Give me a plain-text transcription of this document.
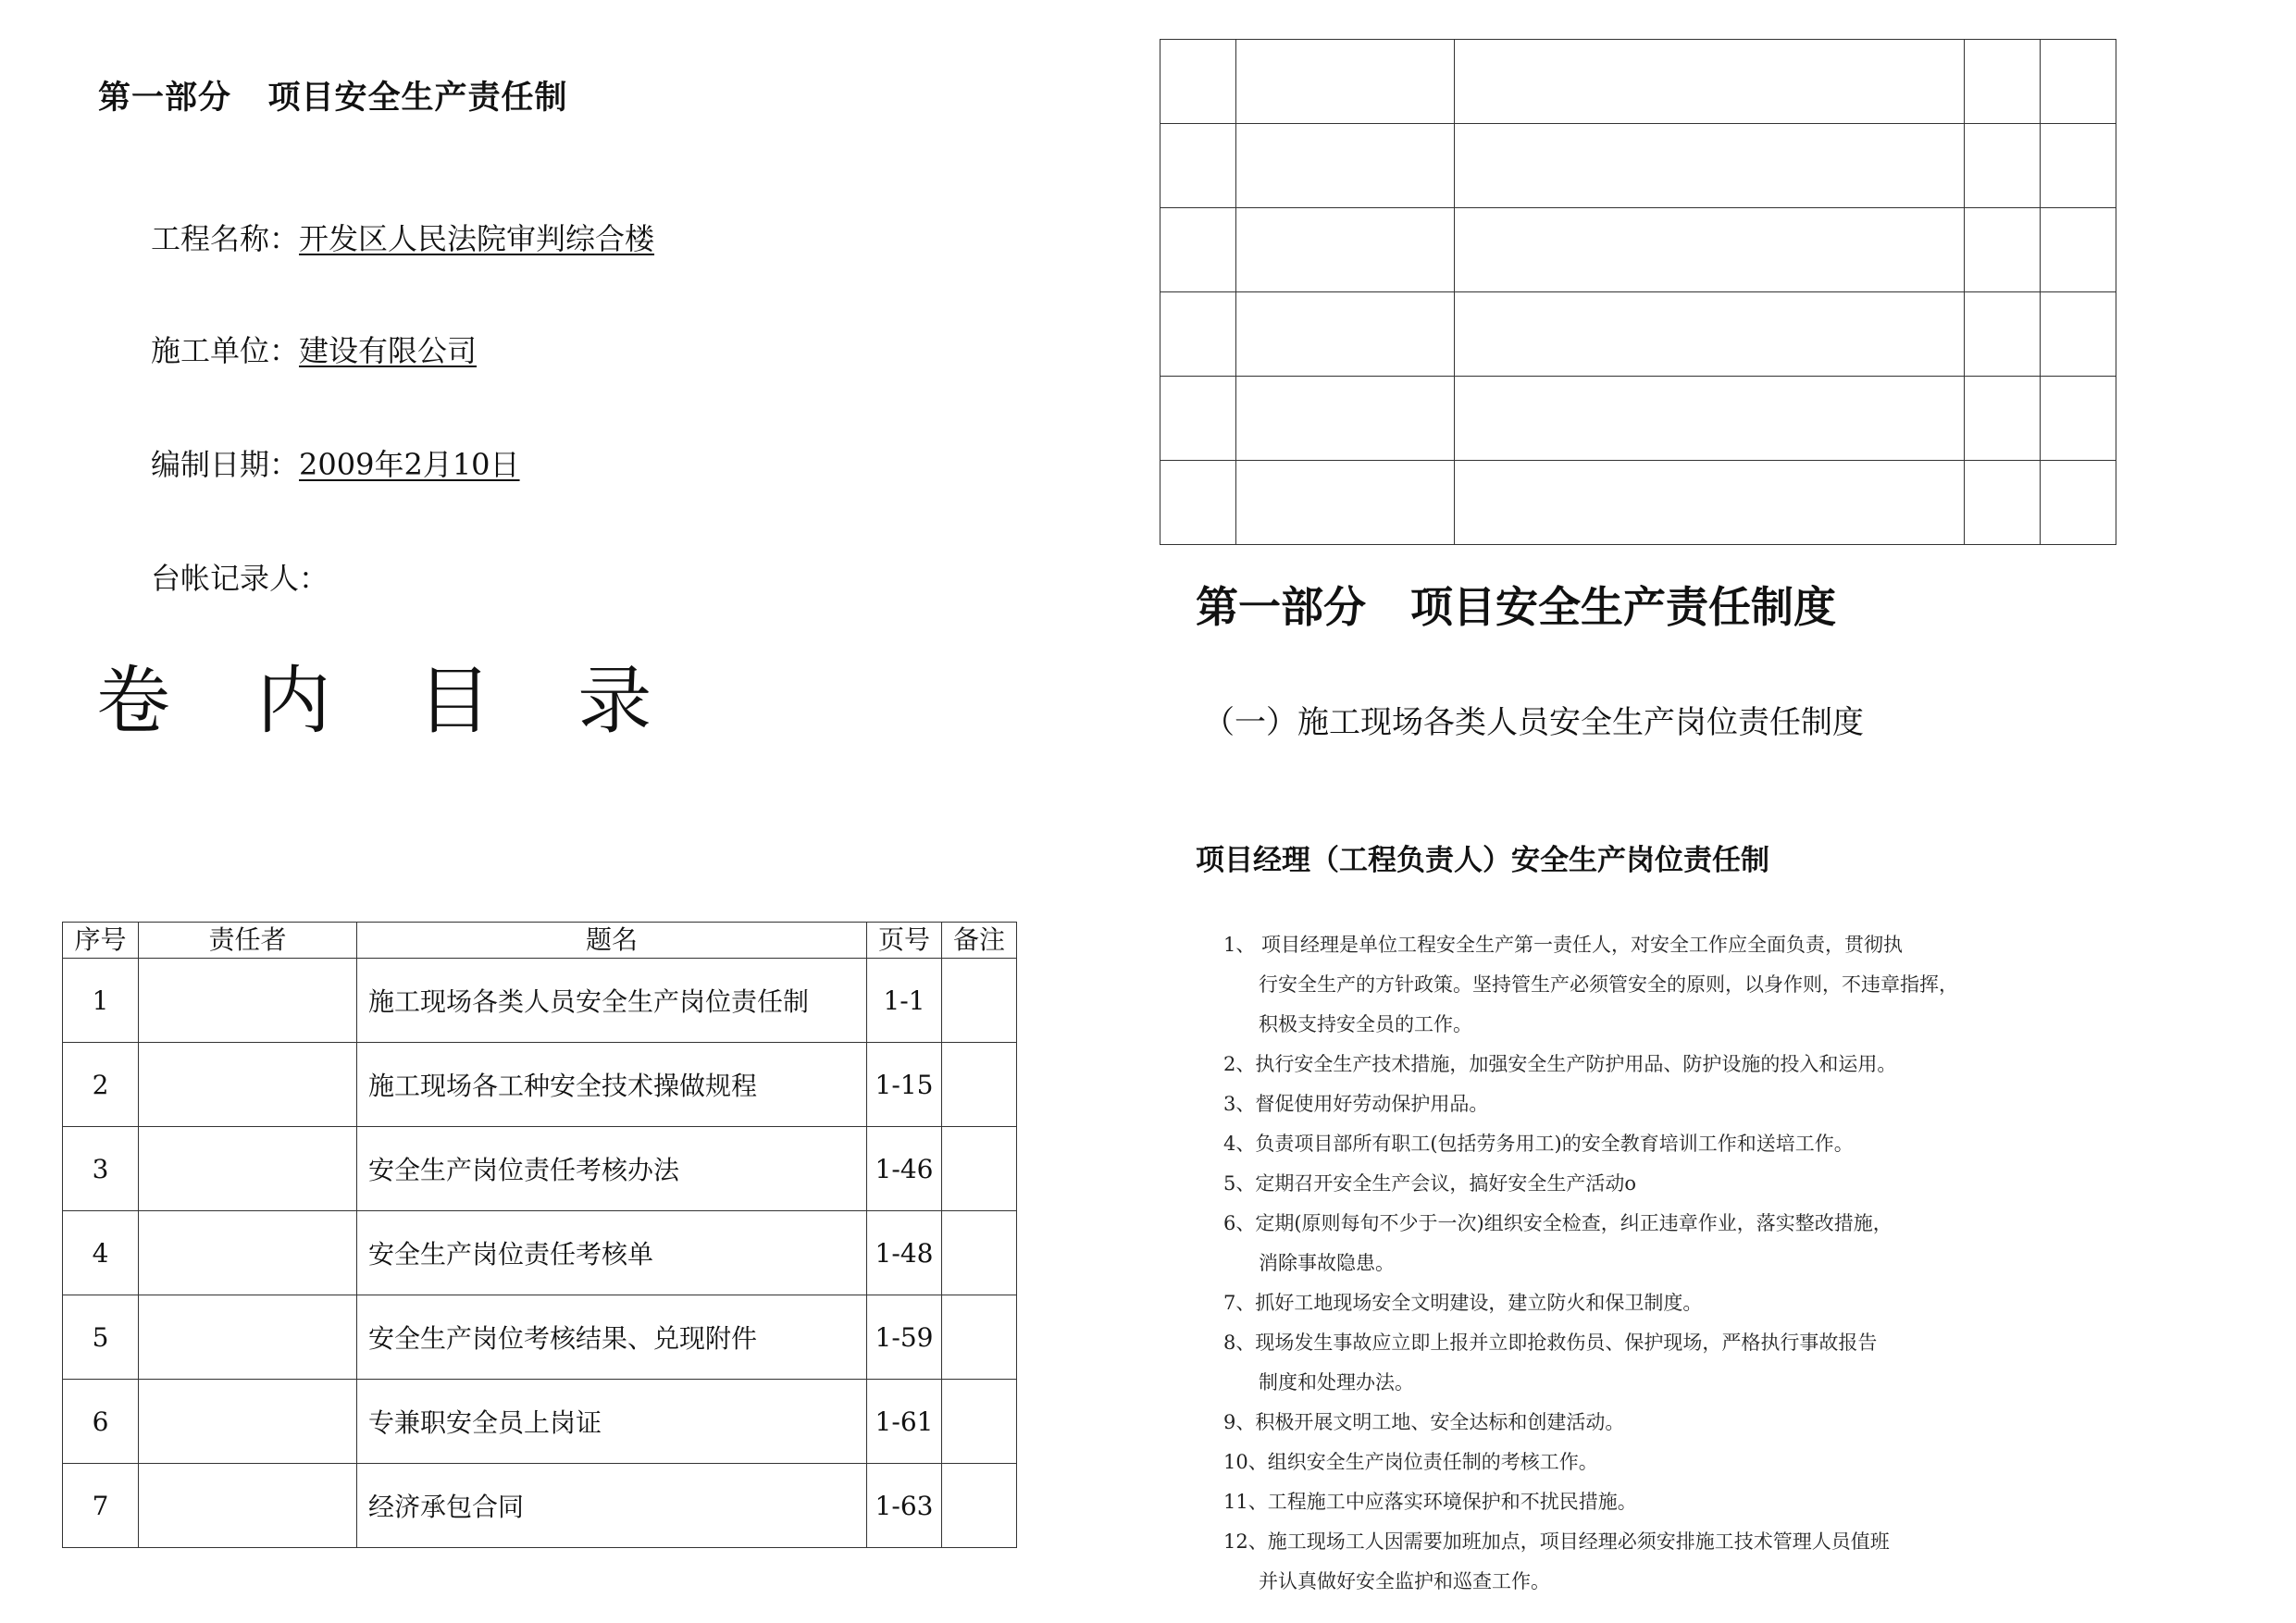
第一部分   项目安全生产责任制
工程名称：开发区人民法院审判综合楼
施工单位：建设有限公司
编制日期：2009年2月10日
台帐记录人：
卷 内 目 录
序号	责任者	题名	页号	备注
1		施工现场各类人员安全生产岗位责任制	1-1	
2		施工现场各工种安全技术操做规程	1-15	
3		安全生产岗位责任考核办法	1-46	
4		安全生产岗位责任考核单	1-48	
5		安全生产岗位考核结果、兑现附件	1-59	
6		专兼职安全员上岗证	1-61	
7		经济承包合同	1-63	

第一部分   项目安全生产责任制度
（一）施工现场各类人员安全生产岗位责任制度
项目经理（工程负责人）安全生产岗位责任制
1、 项目经理是单位工程安全生产第一责任人，对安全工作应全面负责，贯彻执
行安全生产的方针政策。坚持管生产必须管安全的原则，以身作则，不违章指挥，
积极支持安全员的工作。
2、执行安全生产技术措施，加强安全生产防护用品、防护设施的投入和运用。
3、督促使用好劳动保护用品。
4、负责项目部所有职工(包括劳务用工)的安全教育培训工作和送培工作。
5、定期召开安全生产会议，搞好安全生产活动o
6、定期(原则每旬不少于一次)组织安全检查，纠正违章作业，落实整改措施，
消除事故隐患。
7、抓好工地现场安全文明建设，建立防火和保卫制度。
8、现场发生事故应立即上报并立即抢救伤员、保护现场，严格执行事故报告
制度和处理办法。
9、积极开展文明工地、安全达标和创建活动。
10、组织安全生产岗位责任制的考核工作。
11、工程施工中应落实环境保护和不扰民措施。
12、施工现场工人因需要加班加点，项目经理必须安排施工技术管理人员值班
并认真做好安全监护和巡查工作。
